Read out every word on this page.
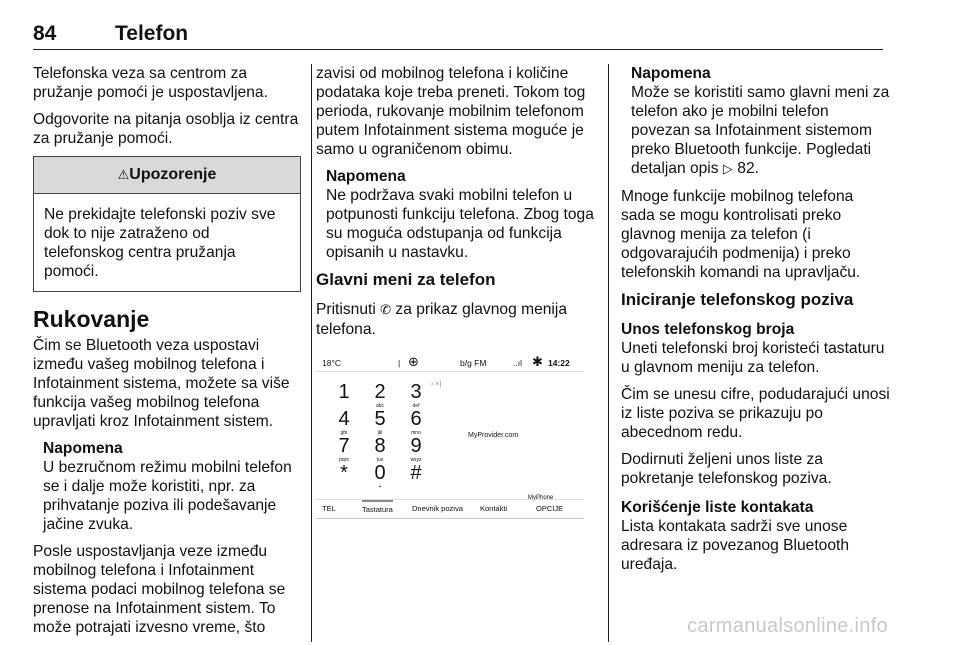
84	Telefon

Telefonska veza sa centrom za pružanje pomoći je uspostavljena.

Odgovorite na pitanja osoblja iz centra za pružanje pomoći.

⚠Upozorenje
Ne prekidajte telefonski poziv sve dok to nije zatraženo od telefonskog centra pružanja pomoći.
Rukovanje

Čim se Bluetooth veza uspostavi između vašeg mobilnog telefona i Infotainment sistema, možete sa više funkcija vašeg mobilnog telefona upravljati kroz Infotainment sistem.

Napomena
U bezručnom režimu mobilni telefon se i dalje može koristiti, npr. za prihvatanje poziva ili podešavanje jačine zvuka.

Posle uspostavljanja veze između mobilnog telefona i Infotainment sistema podaci mobilnog telefona se prenose na Infotainment sistem. To može potrajati izvesno vreme, što

zavisi od mobilnog telefona i količine podataka koje treba preneti. Tokom tog perioda, rukovanje mobilnim telefonom putem Infotainment sistema moguće je samo u ograničenom obimu.

Napomena
Ne podržava svaki mobilni telefon u potpunosti funkciju telefona. Zbog toga su moguća odstupanja od funkcija opisanih u nastavku.
Glavni meni za telefon

Pritisnuti ✆ za prikaz glavnog menija telefona.

18°C	| ⊕	b/g FM	..ıl ✱ 14:22
‹ ×|
1	2
abc
3
def
4
ghi
5
jkl
6
mno
7
pqrs
8
tuv
9
wxyz
*	0
+
#
MyProvider.com
MyPhone
TEL	Tastatura	Dnevnik poziva Kontakti	OPCIJE
Napomena
Može se koristiti samo glavni meni za telefon ako je mobilni telefon povezan sa Infotainment sistemom preko Bluetooth funkcije. Pogledati detaljan opis ▷ 82.

Mnoge funkcije mobilnog telefona sada se mogu kontrolisati preko glavnog menija za telefon (i odgovarajućih podmenija) i preko telefonskih komandi na upravljaču.

Iniciranje telefonskog poziva
Unos telefonskog broja

Uneti telefonski broj koristeći tastaturu u glavnom meniju za telefon.

Čim se unesu cifre, podudarajući unosi iz liste poziva se prikazuju po abecednom redu.

Dodirnuti željeni unos liste za pokretanje telefonskog poziva.

Korišćenje liste kontakata

Lista kontakata sadrži sve unose adresara iz povezanog Bluetooth uređaja.

carmanualsonline.info
